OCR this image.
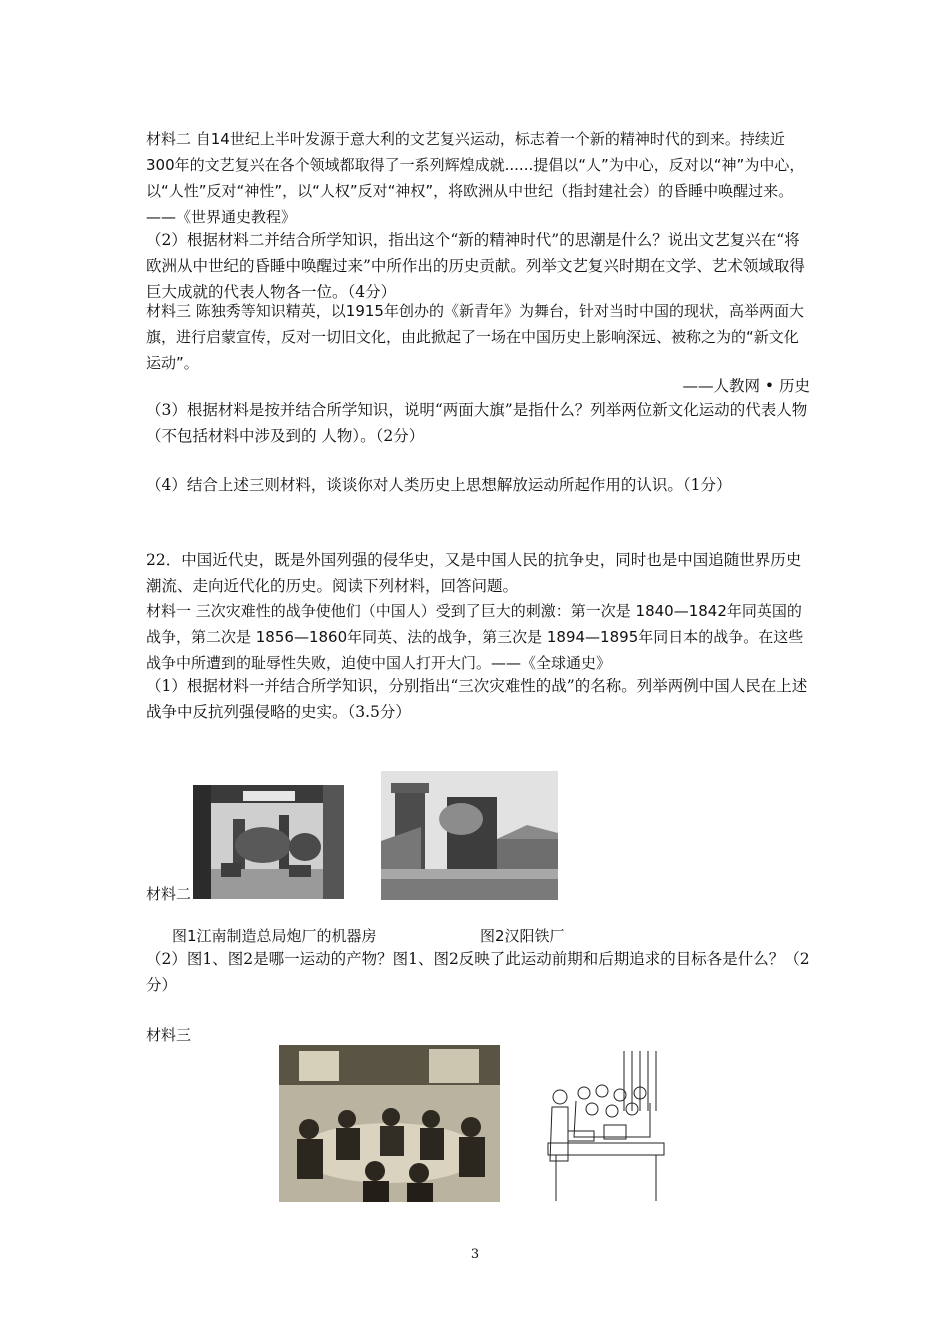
材料二 自14世纪上半叶发源于意大利的文艺复兴运动，标志着一个新的精神时代的到来。持续近300年的文艺复兴在各个领域都取得了一系列辉煌成就......提倡以“人”为中心，反对以“神”为中心，以“人性”反对“神性”，以“人权”反对“神权”，将欧洲从中世纪（指封建社会）的昏睡中唤醒过来。——《世界通史教程》

（2）根据材料二并结合所学知识，指出这个“新的精神时代”的思潮是什么？说出文艺复兴在“将欧洲从中世纪的昏睡中唤醒过来”中所作出的历史贡献。列举文艺复兴时期在文学、艺术领域取得巨大成就的代表人物各一位。（4分）

材料三 陈独秀等知识精英，以1915年创办的《新青年》为舞台，针对当时中国的现状，高举两面大旗，进行启蒙宣传，反对一切旧文化，由此掀起了一场在中国历史上影响深远、被称之为的“新文化运动”。

——人教网 • 历史

（3）根据材料是按并结合所学知识，说明“两面大旗”是指什么？列举两位新文化运动的代表人物（不包括材料中涉及到的 人物）。（2分）

（4）结合上述三则材料，谈谈你对人类历史上思想解放运动所起作用的认识。（1分）

22．中国近代史，既是外国列强的侵华史，又是中国人民的抗争史，同时也是中国追随世界历史潮流、走向近代化的历史。阅读下列材料，回答问题。

材料一 三次灾难性的战争使他们（中国人）受到了巨大的刺激：第一次是 1840—1842年同英国的战争，第二次是 1856—1860年同英、法的战争，第三次是 1894—1895年同日本的战争。在这些战争中所遭到的耻辱性失败，迫使中国人打开大门。——《全球通史》

（1）根据材料一并结合所学知识，分别指出“三次灾难性的战”的名称。列举两例中国人民在上述战争中反抗列强侵略的史实。（3.5分）

材料二
图1江南制造总局炮厂的机器房	图2汉阳铁厂

（2）图1、图2是哪一运动的产物？图1、图2反映了此运动前期和后期追求的目标各是什么？（2分）

材料三
3
